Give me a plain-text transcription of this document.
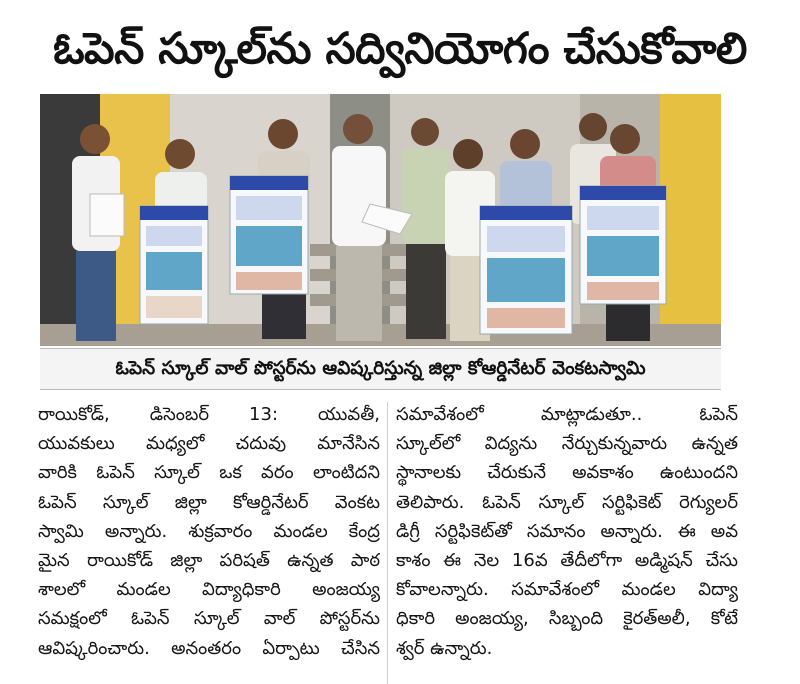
ఓపెన్ స్కూల్‌ను సద్వినియోగం చేసుకోవాలి
ఓపెన్ స్కూల్ వాల్ పోస్టర్‌ను ఆవిష్కరిస్తున్న జిల్లా కోఆర్డినేటర్ వెంకటస్వామి
రాయికోడ్, డిసెంబర్ 13: యువతీ,
యువకులు మధ్యలో చదువు మానేసిన
వారికి ఓపెన్ స్కూల్ ఒక వరం లాంటిదని
ఓపెన్ స్కూల్ జిల్లా కోఆర్డినేటర్ వెంకట
స్వామి అన్నారు. శుక్రవారం మండల కేంద్ర
మైన రాయికోడ్ జిల్లా పరిషత్ ఉన్నత పాఠ
శాలలో మండల విద్యాధికారి అంజయ్య
సమక్షంలో ఓపెన్ స్కూల్ వాల్ పోస్టర్‌ను
ఆవిష్కరించారు. అనంతరం ఏర్పాటు చేసిన
సమావేశంలో మాట్లాడుతూ.. ఓపెన్
స్కూల్‌లో విద్యను నేర్చుకున్నవారు ఉన్నత
స్థానాలకు చేరుకునే అవకాశం ఉంటుందని
తెలిపారు. ఓపెన్ స్కూల్ సర్టిఫికెట్ రెగ్యులర్
డిగ్రీ సర్టిఫికెట్‌తో సమానం అన్నారు. ఈ అవ
కాశం ఈ నెల 16వ తేదీలోగా అడ్మిషన్ చేసు
కోవాలన్నారు. సమావేశంలో మండల విద్యా
ధికారి అంజయ్య, సిబ్బంది కైరత్‌అలీ, కోటే
శ్వర్ ఉన్నారు.
